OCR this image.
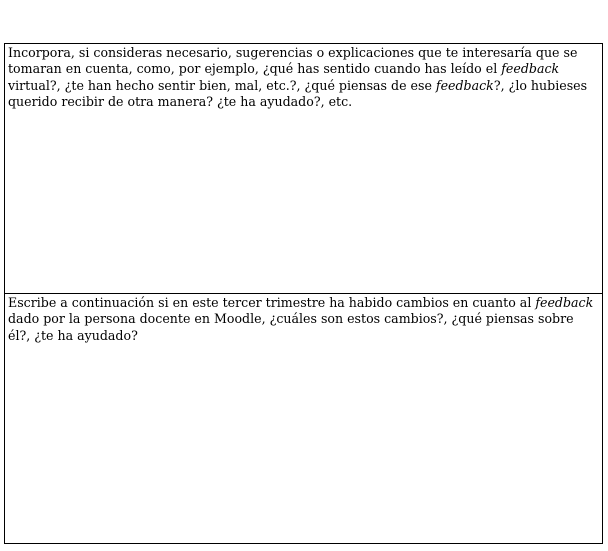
Incorpora, si consideras necesario, sugerencias o explicaciones que te interesaría que se tomaran en cuenta, como, por ejemplo, ¿qué has sentido cuando has leído el feedback virtual?, ¿te han hecho sentir bien, mal, etc.?, ¿qué piensas de ese feedback?, ¿lo hubieses querido recibir de otra manera? ¿te ha ayudado?, etc.
Escribe a continuación si en este tercer trimestre ha habido cambios en cuanto al feedback dado por la persona docente en Moodle, ¿cuáles son estos cambios?, ¿qué piensas sobre él?, ¿te ha ayudado?
